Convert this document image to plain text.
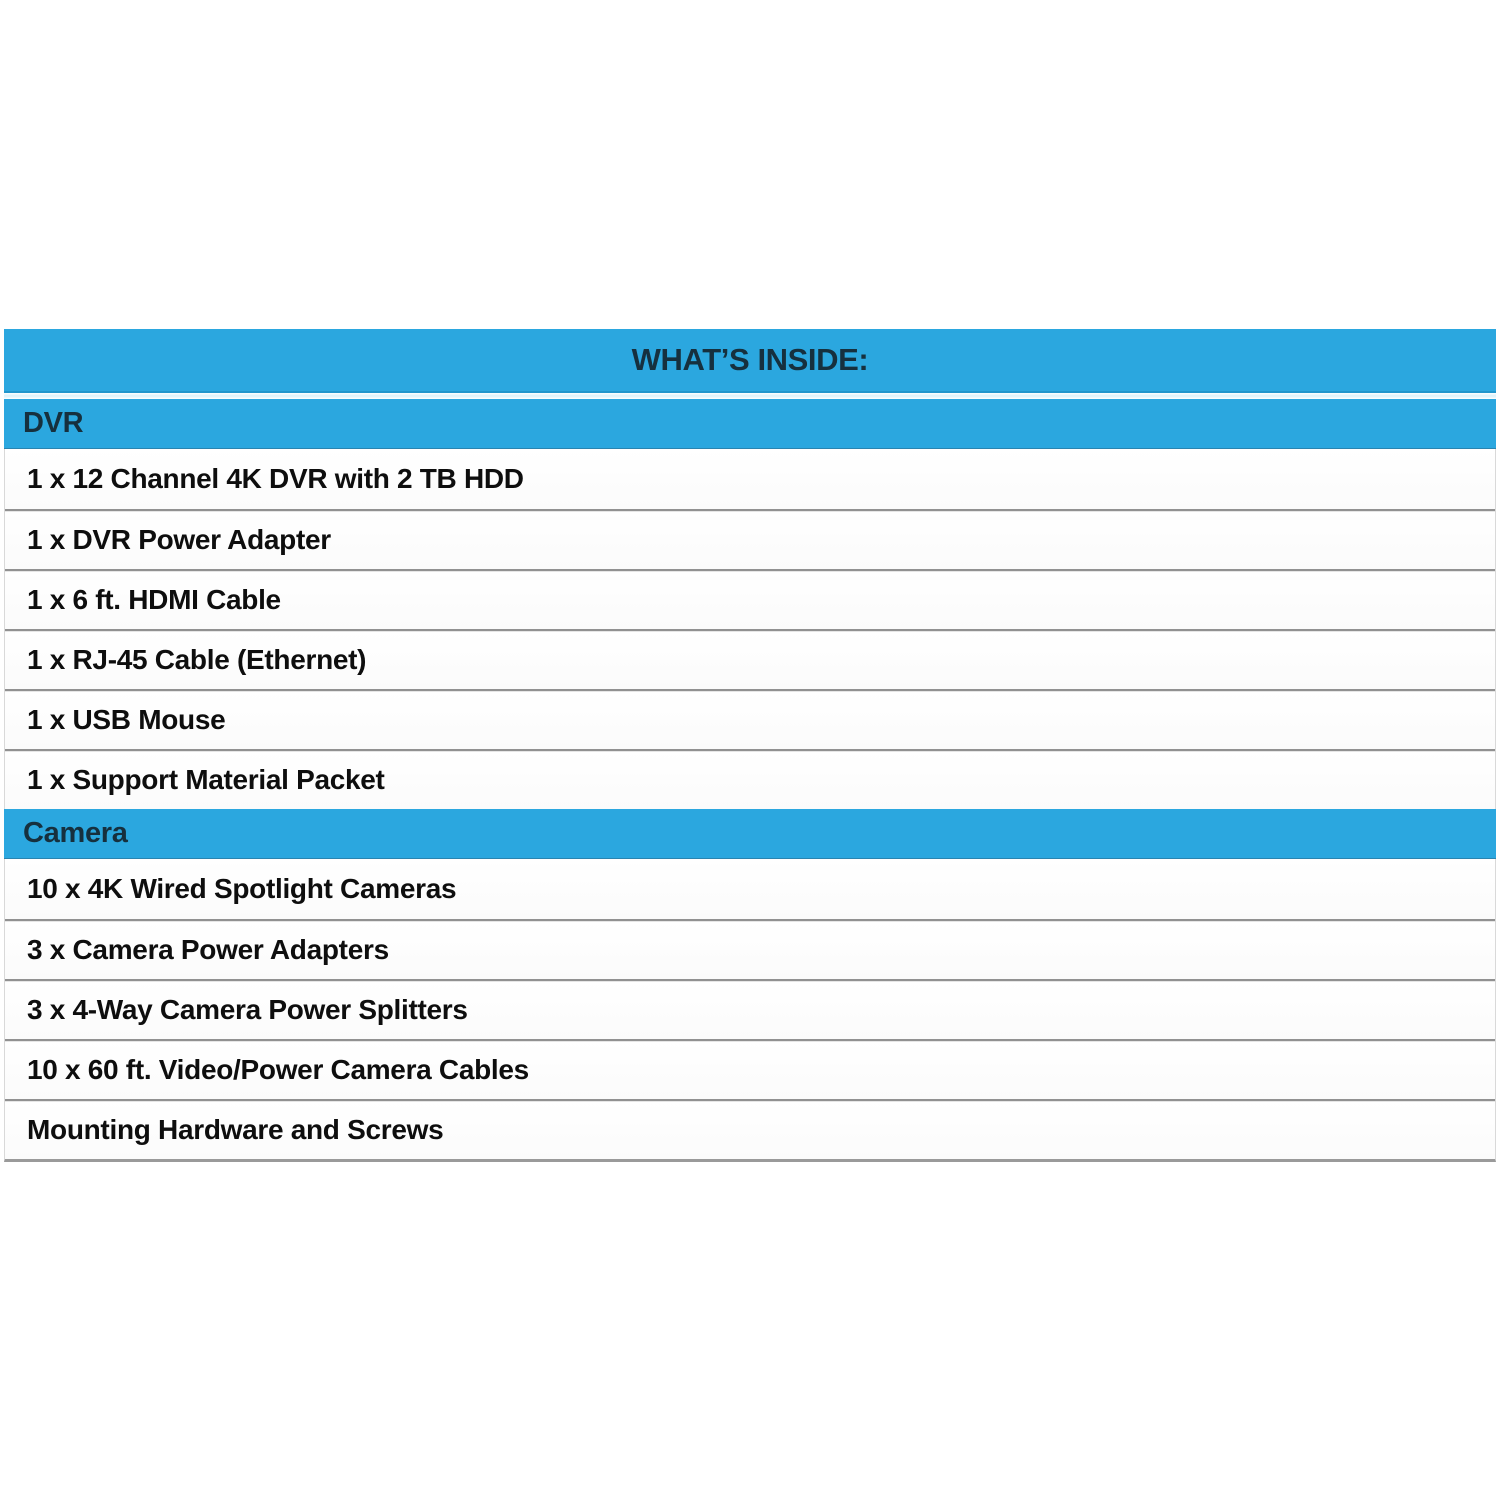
WHAT’S INSIDE:
DVR
1 x 12 Channel 4K DVR with 2 TB HDD
1 x DVR Power Adapter
1 x 6 ft. HDMI Cable
1 x RJ-45 Cable (Ethernet)
1 x USB Mouse
1 x Support Material Packet
Camera
10 x 4K Wired Spotlight Cameras
3 x Camera Power Adapters
3 x 4-Way Camera Power Splitters
10 x 60 ft. Video/Power Camera Cables
Mounting Hardware and Screws
